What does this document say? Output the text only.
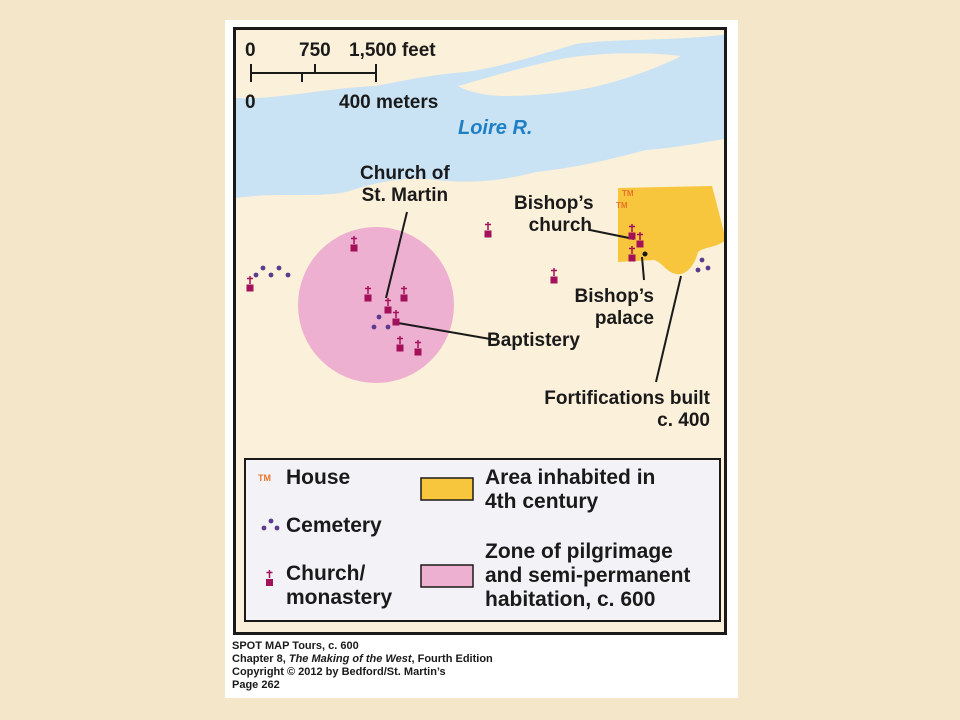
0 750 1,500 feet
0	400 meters
Loire R.
Church of
St. Martin	Bishop’s
church
Bishop’s
palace
Baptistery
Fortifications built
c. 400
TM
TM
TM House
Cemetery
Church/
monastery
Area inhabited in
4th century
Zone of pilgrimage
and semi-permanent
habitation, c. 600
SPOT MAP Tours, c. 600
Chapter 8, The Making of the West, Fourth Edition
Copyright © 2012 by Bedford/St. Martin’s
Page 262
